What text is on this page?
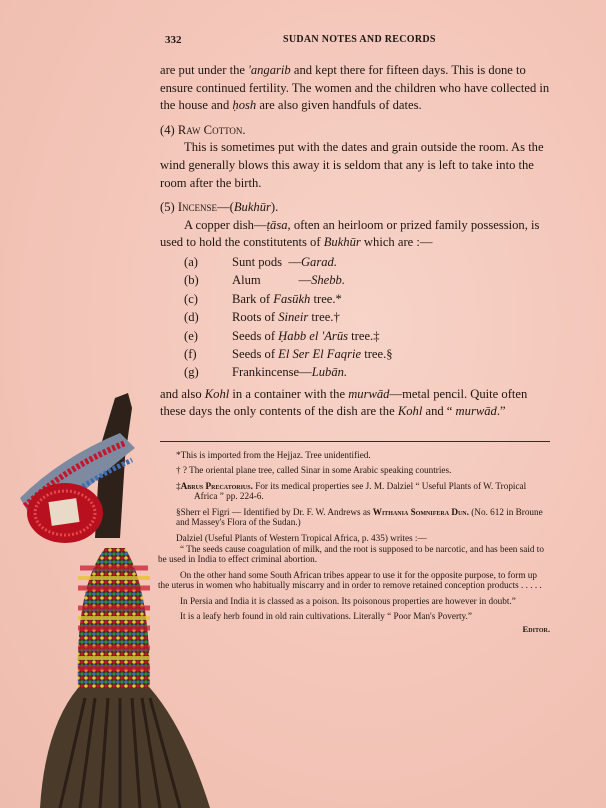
332	SUDAN NOTES AND RECORDS

are put under the 'angarib and kept there for fifteen days. This is done to ensure continued fertility. The women and the children who have collected in the house and ḥosh are also given handfuls of dates.

(4) Raw Cotton.

This is sometimes put with the dates and grain outside the room. As the wind generally blows this away it is seldom that any is left to take into the room after the birth.

(5) Incense—(Bukhūr).

A copper dish—ṭāsa, often an heirloom or prized family possession, is used to hold the constitutents of Bukhūr which are :—

(a)	Sunt pods  —Garad.
(b)	Alum            —Shebb.
(c)	Bark of Fasūkh tree.*
(d)	Roots of Sineir tree.†
(e)	Seeds of Ḥabb el 'Arūs tree.‡
(f)	Seeds of El Ser El Faqrie tree.§
(g)	Frankincense—Lubān.

and also Kohl in a container with the murwād—metal pencil. Quite often these days the only contents of the dish are the Kohl and “ murwād.”

*This is imported from the Hejjaz. Tree unidentified.

† ? The oriental plane tree, called Sinar in some Arabic speaking countries.

‡Abrus Precatorius. For its medical properties see J. M. Dalziel “ Useful Plants of W. Tropical Africa ” pp. 224-6.

§Sherr el Figri — Identified by Dr. F. W. Andrews as Withania Somnifera Dun. (No. 612 in Broune and Massey's Flora of the Sudan.)

Dalziel (Useful Plants of Western Tropical Africa, p. 435) writes :—

“ The seeds cause coagulation of milk, and the root is supposed to be narcotic, and has been said to be used in India to effect criminal abortion.

On the other hand some South African tribes appear to use it for the opposite purpose, to form up the uterus in women who habitually miscarry and in order to remove retained conception products . . . . .

In Persia and India it is classed as a poison. Its poisonous properties are however in doubt.”

It is a leafy herb found in old rain cultivations. Literally “ Poor Man's Poverty.”

Editor.
